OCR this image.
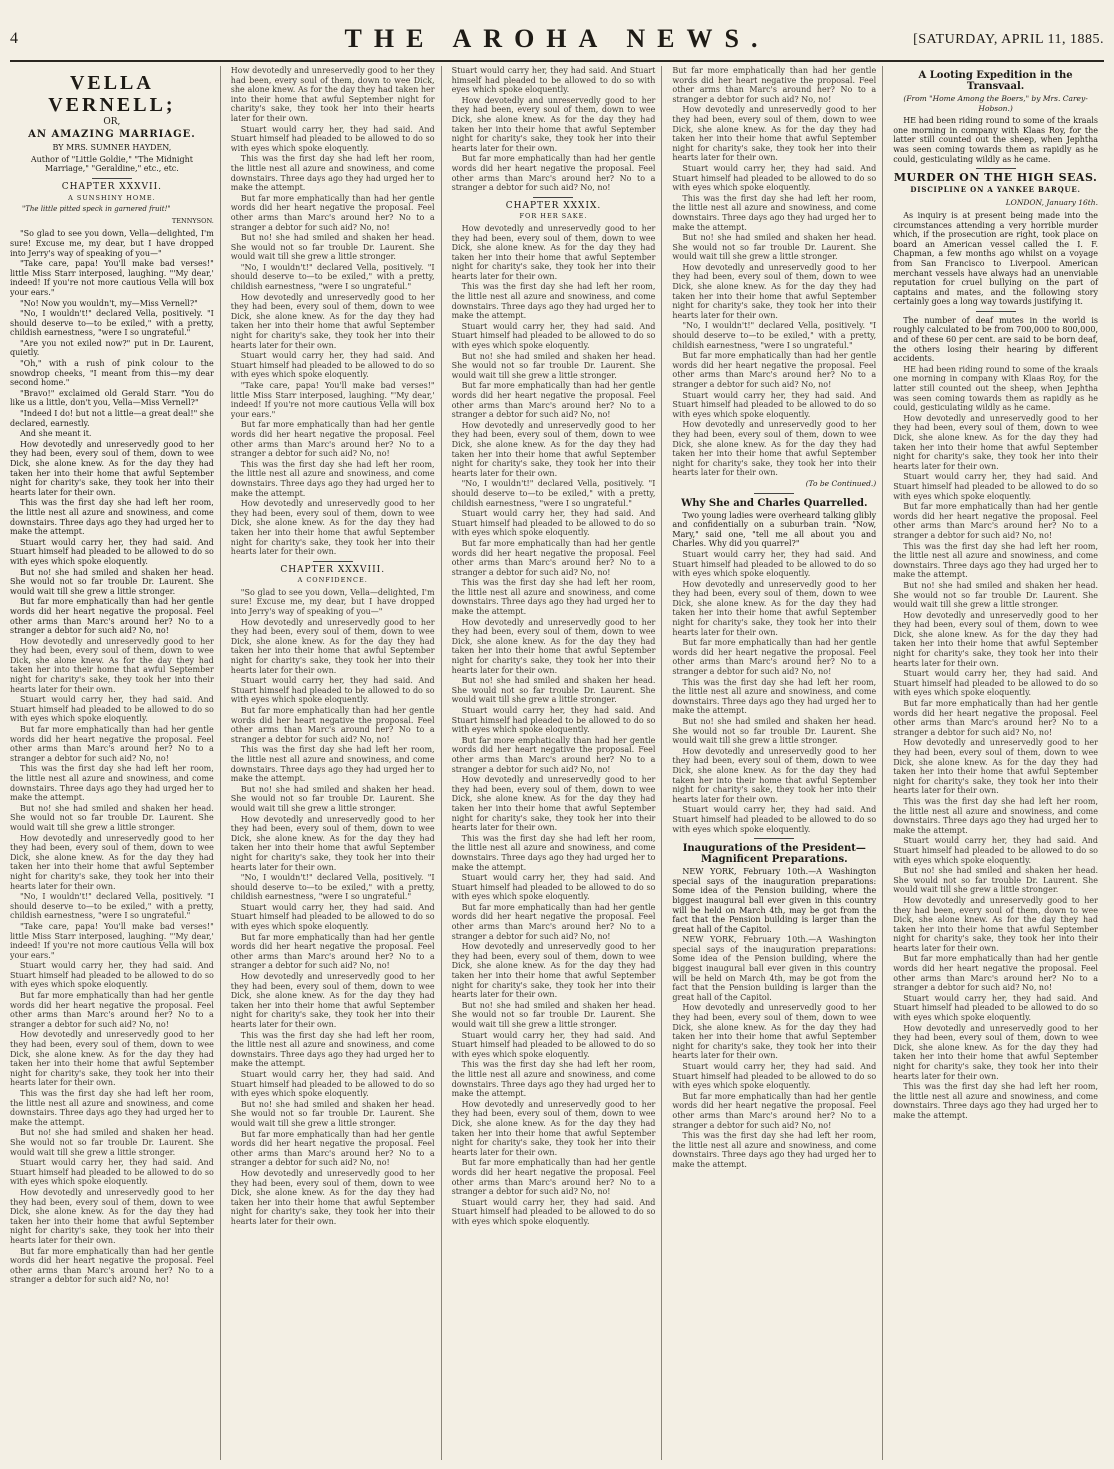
4	THE AROHA NEWS.	[SATURDAY, APRIL 11, 1885.
VELLA VERNELL;
OR,
AN AMAZING MARRIAGE.
BY MRS. SUMNER HAYDEN,
Author of "Little Goldie," "The Midnight Marriage," "Geraldine," etc., etc.
CHAPTER XXXVII.
A SUNSHINY HOME.
"The little pitted speck in garnered fruit!"
TENNYSON.

"So glad to see you down, Vella—delighted, I'm sure! Excuse me, my dear, but I have dropped into Jerry's way of speaking of you—"

"Take care, papa! You'll make bad verses!" little Miss Starr interposed, laughing. "'My dear,' indeed! If you're not more cautious Vella will box your ears."

"No! Now you wouldn't, my—Miss Vernell?"

"No, I wouldn't!" declared Vella, positively. "I should deserve to—to be exiled," with a pretty, childish earnestness, "were I so ungrateful."

"Are you not exiled now?" put in Dr. Laurent, quietly.

"Oh," with a rush of pink colour to the snowdrop cheeks, "I meant from this—my dear second home."

"Bravo!" exclaimed old Gerald Starr. "You do like us a little, don't you, Vella—Miss Vernell?"

"Indeed I do! but not a little—a great deal!" she declared, earnestly.

And she meant it.

How devotedly and unreservedly good to her they had been, every soul of them, down to wee Dick, she alone knew. As for the day they had taken her into their home that awful September night for charity's sake, they took her into their hearts later for their own.

This was the first day she had left her room, the little nest all azure and snowiness, and come downstairs. Three days ago they had urged her to make the attempt.

Stuart would carry her, they had said. And Stuart himself had pleaded to be allowed to do so with eyes which spoke eloquently.

But no! she had smiled and shaken her head. She would not so far trouble Dr. Laurent. She would wait till she grew a little stronger.

But far more emphatically than had her gentle words did her heart negative the proposal. Feel other arms than Marc's around her? No to a stranger a debtor for such aid? No, no!

How devotedly and unreservedly good to her they had been, every soul of them, down to wee Dick, she alone knew. As for the day they had taken her into their home that awful September night for charity's sake, they took her into their hearts later for their own.

Stuart would carry her, they had said. And Stuart himself had pleaded to be allowed to do so with eyes which spoke eloquently.

But far more emphatically than had her gentle words did her heart negative the proposal. Feel other arms than Marc's around her? No to a stranger a debtor for such aid? No, no!

This was the first day she had left her room, the little nest all azure and snowiness, and come downstairs. Three days ago they had urged her to make the attempt.

But no! she had smiled and shaken her head. She would not so far trouble Dr. Laurent. She would wait till she grew a little stronger.

How devotedly and unreservedly good to her they had been, every soul of them, down to wee Dick, she alone knew. As for the day they had taken her into their home that awful September night for charity's sake, they took her into their hearts later for their own.

"No, I wouldn't!" declared Vella, positively. "I should deserve to—to be exiled," with a pretty, childish earnestness, "were I so ungrateful."

"Take care, papa! You'll make bad verses!" little Miss Starr interposed, laughing. "'My dear,' indeed! If you're not more cautious Vella will box your ears."

Stuart would carry her, they had said. And Stuart himself had pleaded to be allowed to do so with eyes which spoke eloquently.

But far more emphatically than had her gentle words did her heart negative the proposal. Feel other arms than Marc's around her? No to a stranger a debtor for such aid? No, no!

How devotedly and unreservedly good to her they had been, every soul of them, down to wee Dick, she alone knew. As for the day they had taken her into their home that awful September night for charity's sake, they took her into their hearts later for their own.

This was the first day she had left her room, the little nest all azure and snowiness, and come downstairs. Three days ago they had urged her to make the attempt.

But no! she had smiled and shaken her head. She would not so far trouble Dr. Laurent. She would wait till she grew a little stronger.

Stuart would carry her, they had said. And Stuart himself had pleaded to be allowed to do so with eyes which spoke eloquently.

How devotedly and unreservedly good to her they had been, every soul of them, down to wee Dick, she alone knew. As for the day they had taken her into their home that awful September night for charity's sake, they took her into their hearts later for their own.

But far more emphatically than had her gentle words did her heart negative the proposal. Feel other arms than Marc's around her? No to a stranger a debtor for such aid? No, no!

How devotedly and unreservedly good to her they had been, every soul of them, down to wee Dick, she alone knew. As for the day they had taken her into their home that awful September night for charity's sake, they took her into their hearts later for their own.

Stuart would carry her, they had said. And Stuart himself had pleaded to be allowed to do so with eyes which spoke eloquently.

This was the first day she had left her room, the little nest all azure and snowiness, and come downstairs. Three days ago they had urged her to make the attempt.

But far more emphatically than had her gentle words did her heart negative the proposal. Feel other arms than Marc's around her? No to a stranger a debtor for such aid? No, no!

But no! she had smiled and shaken her head. She would not so far trouble Dr. Laurent. She would wait till she grew a little stronger.

"No, I wouldn't!" declared Vella, positively. "I should deserve to—to be exiled," with a pretty, childish earnestness, "were I so ungrateful."

How devotedly and unreservedly good to her they had been, every soul of them, down to wee Dick, she alone knew. As for the day they had taken her into their home that awful September night for charity's sake, they took her into their hearts later for their own.

Stuart would carry her, they had said. And Stuart himself had pleaded to be allowed to do so with eyes which spoke eloquently.

"Take care, papa! You'll make bad verses!" little Miss Starr interposed, laughing. "'My dear,' indeed! If you're not more cautious Vella will box your ears."

But far more emphatically than had her gentle words did her heart negative the proposal. Feel other arms than Marc's around her? No to a stranger a debtor for such aid? No, no!

This was the first day she had left her room, the little nest all azure and snowiness, and come downstairs. Three days ago they had urged her to make the attempt.

How devotedly and unreservedly good to her they had been, every soul of them, down to wee Dick, she alone knew. As for the day they had taken her into their home that awful September night for charity's sake, they took her into their hearts later for their own.

CHAPTER XXXVIII.
A CONFIDENCE.

"So glad to see you down, Vella—delighted, I'm sure! Excuse me, my dear, but I have dropped into Jerry's way of speaking of you—"

How devotedly and unreservedly good to her they had been, every soul of them, down to wee Dick, she alone knew. As for the day they had taken her into their home that awful September night for charity's sake, they took her into their hearts later for their own.

Stuart would carry her, they had said. And Stuart himself had pleaded to be allowed to do so with eyes which spoke eloquently.

But far more emphatically than had her gentle words did her heart negative the proposal. Feel other arms than Marc's around her? No to a stranger a debtor for such aid? No, no!

This was the first day she had left her room, the little nest all azure and snowiness, and come downstairs. Three days ago they had urged her to make the attempt.

But no! she had smiled and shaken her head. She would not so far trouble Dr. Laurent. She would wait till she grew a little stronger.

How devotedly and unreservedly good to her they had been, every soul of them, down to wee Dick, she alone knew. As for the day they had taken her into their home that awful September night for charity's sake, they took her into their hearts later for their own.

"No, I wouldn't!" declared Vella, positively. "I should deserve to—to be exiled," with a pretty, childish earnestness, "were I so ungrateful."

Stuart would carry her, they had said. And Stuart himself had pleaded to be allowed to do so with eyes which spoke eloquently.

But far more emphatically than had her gentle words did her heart negative the proposal. Feel other arms than Marc's around her? No to a stranger a debtor for such aid? No, no!

How devotedly and unreservedly good to her they had been, every soul of them, down to wee Dick, she alone knew. As for the day they had taken her into their home that awful September night for charity's sake, they took her into their hearts later for their own.

This was the first day she had left her room, the little nest all azure and snowiness, and come downstairs. Three days ago they had urged her to make the attempt.

Stuart would carry her, they had said. And Stuart himself had pleaded to be allowed to do so with eyes which spoke eloquently.

But no! she had smiled and shaken her head. She would not so far trouble Dr. Laurent. She would wait till she grew a little stronger.

But far more emphatically than had her gentle words did her heart negative the proposal. Feel other arms than Marc's around her? No to a stranger a debtor for such aid? No, no!

How devotedly and unreservedly good to her they had been, every soul of them, down to wee Dick, she alone knew. As for the day they had taken her into their home that awful September night for charity's sake, they took her into their hearts later for their own.

Stuart would carry her, they had said. And Stuart himself had pleaded to be allowed to do so with eyes which spoke eloquently.

How devotedly and unreservedly good to her they had been, every soul of them, down to wee Dick, she alone knew. As for the day they had taken her into their home that awful September night for charity's sake, they took her into their hearts later for their own.

But far more emphatically than had her gentle words did her heart negative the proposal. Feel other arms than Marc's around her? No to a stranger a debtor for such aid? No, no!

CHAPTER XXXIX.
FOR HER SAKE.

How devotedly and unreservedly good to her they had been, every soul of them, down to wee Dick, she alone knew. As for the day they had taken her into their home that awful September night for charity's sake, they took her into their hearts later for their own.

This was the first day she had left her room, the little nest all azure and snowiness, and come downstairs. Three days ago they had urged her to make the attempt.

Stuart would carry her, they had said. And Stuart himself had pleaded to be allowed to do so with eyes which spoke eloquently.

But no! she had smiled and shaken her head. She would not so far trouble Dr. Laurent. She would wait till she grew a little stronger.

But far more emphatically than had her gentle words did her heart negative the proposal. Feel other arms than Marc's around her? No to a stranger a debtor for such aid? No, no!

How devotedly and unreservedly good to her they had been, every soul of them, down to wee Dick, she alone knew. As for the day they had taken her into their home that awful September night for charity's sake, they took her into their hearts later for their own.

"No, I wouldn't!" declared Vella, positively. "I should deserve to—to be exiled," with a pretty, childish earnestness, "were I so ungrateful."

Stuart would carry her, they had said. And Stuart himself had pleaded to be allowed to do so with eyes which spoke eloquently.

But far more emphatically than had her gentle words did her heart negative the proposal. Feel other arms than Marc's around her? No to a stranger a debtor for such aid? No, no!

This was the first day she had left her room, the little nest all azure and snowiness, and come downstairs. Three days ago they had urged her to make the attempt.

How devotedly and unreservedly good to her they had been, every soul of them, down to wee Dick, she alone knew. As for the day they had taken her into their home that awful September night for charity's sake, they took her into their hearts later for their own.

But no! she had smiled and shaken her head. She would not so far trouble Dr. Laurent. She would wait till she grew a little stronger.

Stuart would carry her, they had said. And Stuart himself had pleaded to be allowed to do so with eyes which spoke eloquently.

But far more emphatically than had her gentle words did her heart negative the proposal. Feel other arms than Marc's around her? No to a stranger a debtor for such aid? No, no!

How devotedly and unreservedly good to her they had been, every soul of them, down to wee Dick, she alone knew. As for the day they had taken her into their home that awful September night for charity's sake, they took her into their hearts later for their own.

This was the first day she had left her room, the little nest all azure and snowiness, and come downstairs. Three days ago they had urged her to make the attempt.

Stuart would carry her, they had said. And Stuart himself had pleaded to be allowed to do so with eyes which spoke eloquently.

But far more emphatically than had her gentle words did her heart negative the proposal. Feel other arms than Marc's around her? No to a stranger a debtor for such aid? No, no!

How devotedly and unreservedly good to her they had been, every soul of them, down to wee Dick, she alone knew. As for the day they had taken her into their home that awful September night for charity's sake, they took her into their hearts later for their own.

But no! she had smiled and shaken her head. She would not so far trouble Dr. Laurent. She would wait till she grew a little stronger.

Stuart would carry her, they had said. And Stuart himself had pleaded to be allowed to do so with eyes which spoke eloquently.

This was the first day she had left her room, the little nest all azure and snowiness, and come downstairs. Three days ago they had urged her to make the attempt.

How devotedly and unreservedly good to her they had been, every soul of them, down to wee Dick, she alone knew. As for the day they had taken her into their home that awful September night for charity's sake, they took her into their hearts later for their own.

But far more emphatically than had her gentle words did her heart negative the proposal. Feel other arms than Marc's around her? No to a stranger a debtor for such aid? No, no!

Stuart would carry her, they had said. And Stuart himself had pleaded to be allowed to do so with eyes which spoke eloquently.

But far more emphatically than had her gentle words did her heart negative the proposal. Feel other arms than Marc's around her? No to a stranger a debtor for such aid? No, no!

How devotedly and unreservedly good to her they had been, every soul of them, down to wee Dick, she alone knew. As for the day they had taken her into their home that awful September night for charity's sake, they took her into their hearts later for their own.

Stuart would carry her, they had said. And Stuart himself had pleaded to be allowed to do so with eyes which spoke eloquently.

This was the first day she had left her room, the little nest all azure and snowiness, and come downstairs. Three days ago they had urged her to make the attempt.

But no! she had smiled and shaken her head. She would not so far trouble Dr. Laurent. She would wait till she grew a little stronger.

How devotedly and unreservedly good to her they had been, every soul of them, down to wee Dick, she alone knew. As for the day they had taken her into their home that awful September night for charity's sake, they took her into their hearts later for their own.

"No, I wouldn't!" declared Vella, positively. "I should deserve to—to be exiled," with a pretty, childish earnestness, "were I so ungrateful."

But far more emphatically than had her gentle words did her heart negative the proposal. Feel other arms than Marc's around her? No to a stranger a debtor for such aid? No, no!

Stuart would carry her, they had said. And Stuart himself had pleaded to be allowed to do so with eyes which spoke eloquently.

How devotedly and unreservedly good to her they had been, every soul of them, down to wee Dick, she alone knew. As for the day they had taken her into their home that awful September night for charity's sake, they took her into their hearts later for their own.

(To be Continued.)
Why She and Charles Quarrelled.

Two young ladies were overheard talking glibly and confidentially on a suburban train. "Now, Mary," said one, "tell me all about you and Charles. Why did you quarrel?"

Stuart would carry her, they had said. And Stuart himself had pleaded to be allowed to do so with eyes which spoke eloquently.

How devotedly and unreservedly good to her they had been, every soul of them, down to wee Dick, she alone knew. As for the day they had taken her into their home that awful September night for charity's sake, they took her into their hearts later for their own.

But far more emphatically than had her gentle words did her heart negative the proposal. Feel other arms than Marc's around her? No to a stranger a debtor for such aid? No, no!

This was the first day she had left her room, the little nest all azure and snowiness, and come downstairs. Three days ago they had urged her to make the attempt.

But no! she had smiled and shaken her head. She would not so far trouble Dr. Laurent. She would wait till she grew a little stronger.

How devotedly and unreservedly good to her they had been, every soul of them, down to wee Dick, she alone knew. As for the day they had taken her into their home that awful September night for charity's sake, they took her into their hearts later for their own.

Stuart would carry her, they had said. And Stuart himself had pleaded to be allowed to do so with eyes which spoke eloquently.

Inaugurations of the President—Magnificent Preparations.

NEW YORK, February 10th.—A Washington special says of the inauguration preparations: Some idea of the Pension building, where the biggest inaugural ball ever given in this country will be held on March 4th, may be got from the fact that the Pension building is larger than the great hall of the Capitol.

NEW YORK, February 10th.—A Washington special says of the inauguration preparations: Some idea of the Pension building, where the biggest inaugural ball ever given in this country will be held on March 4th, may be got from the fact that the Pension building is larger than the great hall of the Capitol.

How devotedly and unreservedly good to her they had been, every soul of them, down to wee Dick, she alone knew. As for the day they had taken her into their home that awful September night for charity's sake, they took her into their hearts later for their own.

Stuart would carry her, they had said. And Stuart himself had pleaded to be allowed to do so with eyes which spoke eloquently.

But far more emphatically than had her gentle words did her heart negative the proposal. Feel other arms than Marc's around her? No to a stranger a debtor for such aid? No, no!

This was the first day she had left her room, the little nest all azure and snowiness, and come downstairs. Three days ago they had urged her to make the attempt.

A Looting Expedition in the Transvaal.
(From "Home Among the Boers," by Mrs. Carey-Hobson.)

HE had been riding round to some of the kraals one morning in company with Klaas Roy, for the latter still counted out the sheep, when Jephtha was seen coming towards them as rapidly as he could, gesticulating wildly as he came.

MURDER ON THE HIGH SEAS.
DISCIPLINE ON A YANKEE BARQUE.
LONDON, January 16th.

As inquiry is at present being made into the circumstances attending a very horrible murder which, if the prosecution are right, took place on board an American vessel called the I. F. Chapman, a few months ago whilst on a voyage from San Francisco to Liverpool. American merchant vessels have always had an unenviable reputation for cruel bullying on the part of captains and mates, and the following story certainly goes a long way towards justifying it.

The number of deaf mutes in the world is roughly calculated to be from 700,000 to 800,000, and of these 60 per cent. are said to be born deaf, the others losing their hearing by different accidents.

HE had been riding round to some of the kraals one morning in company with Klaas Roy, for the latter still counted out the sheep, when Jephtha was seen coming towards them as rapidly as he could, gesticulating wildly as he came.

How devotedly and unreservedly good to her they had been, every soul of them, down to wee Dick, she alone knew. As for the day they had taken her into their home that awful September night for charity's sake, they took her into their hearts later for their own.

Stuart would carry her, they had said. And Stuart himself had pleaded to be allowed to do so with eyes which spoke eloquently.

But far more emphatically than had her gentle words did her heart negative the proposal. Feel other arms than Marc's around her? No to a stranger a debtor for such aid? No, no!

This was the first day she had left her room, the little nest all azure and snowiness, and come downstairs. Three days ago they had urged her to make the attempt.

But no! she had smiled and shaken her head. She would not so far trouble Dr. Laurent. She would wait till she grew a little stronger.

How devotedly and unreservedly good to her they had been, every soul of them, down to wee Dick, she alone knew. As for the day they had taken her into their home that awful September night for charity's sake, they took her into their hearts later for their own.

Stuart would carry her, they had said. And Stuart himself had pleaded to be allowed to do so with eyes which spoke eloquently.

But far more emphatically than had her gentle words did her heart negative the proposal. Feel other arms than Marc's around her? No to a stranger a debtor for such aid? No, no!

How devotedly and unreservedly good to her they had been, every soul of them, down to wee Dick, she alone knew. As for the day they had taken her into their home that awful September night for charity's sake, they took her into their hearts later for their own.

This was the first day she had left her room, the little nest all azure and snowiness, and come downstairs. Three days ago they had urged her to make the attempt.

Stuart would carry her, they had said. And Stuart himself had pleaded to be allowed to do so with eyes which spoke eloquently.

But no! she had smiled and shaken her head. She would not so far trouble Dr. Laurent. She would wait till she grew a little stronger.

How devotedly and unreservedly good to her they had been, every soul of them, down to wee Dick, she alone knew. As for the day they had taken her into their home that awful September night for charity's sake, they took her into their hearts later for their own.

But far more emphatically than had her gentle words did her heart negative the proposal. Feel other arms than Marc's around her? No to a stranger a debtor for such aid? No, no!

Stuart would carry her, they had said. And Stuart himself had pleaded to be allowed to do so with eyes which spoke eloquently.

How devotedly and unreservedly good to her they had been, every soul of them, down to wee Dick, she alone knew. As for the day they had taken her into their home that awful September night for charity's sake, they took her into their hearts later for their own.

This was the first day she had left her room, the little nest all azure and snowiness, and come downstairs. Three days ago they had urged her to make the attempt.
